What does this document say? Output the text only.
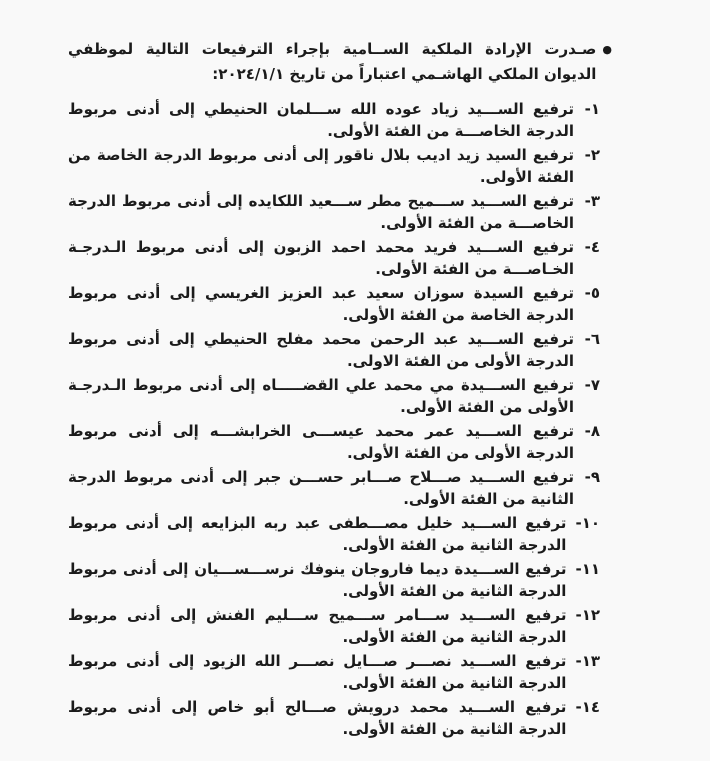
●
صـدرت الإرادة الملكية الســامية بإجراء الترفيعات التالية لموظفي الديوان الملكي الهاشـمي اعتباراً من تاريخ ٢٠٢٤/١/١:
١-
ترفيع الســـيد زياد عوده الله ســـلمان الحنيطي إلى أدنى مربوط الدرجة الخاصـــة من الفئة الأولى.
٢-
ترفيع السيد زيد اديب بلال ناقور إلى أدنى مربوط الدرجة الخاصة من الفئة الأولى.
٣-
ترفيع الســـيد ســـميح مطر ســـعيد اللكايده إلى أدنى مربوط الدرجة الخاصـــة من الفئة الأولى.
٤-
ترفيع الســـيد فريد محمد احمد الزبون إلى أدنى مربوط الـدرجـة الخـاصـــة من الفئة الأولى.
٥-
ترفيع السيدة سوزان سعيد عبد العزيز الغريسي إلى أدنى مربوط الدرجة الخاصة من الفئة الأولى.
٦-
ترفيع الســـيد عبد الرحمن محمد مفلح الحنيطي إلى أدنى مربوط الدرجة الأولى من الفئة الاولى.
٧-
ترفيع الســـيدة مي محمد علي القضـــــاه إلى أدنى مربوط الـدرجـة الأولى من الفئة الأولى.
٨-
ترفيع الســـيد عمر محمد عيســـى الخرابشـــه إلى أدنى مربوط الدرجة الأولى من الفئة الأولى.
٩-
ترفيع الســـيد صـــلاح صـــابر حســـن جبر إلى أدنى مربوط الدرجة الثانية من الفئة الأولى.
١٠-
ترفيع الســـيد خليل مصـــطفى عبد ربه البزايعه إلى أدنى مربوط الدرجة الثانية من الفئة الأولى.
١١-
ترفيع الســـيدة ديما فاروجان ينوفك نرســـســـيان إلى أدنى مربوط الدرجة الثانية من الفئة الأولى.
١٢-
ترفيع الســـيد ســـامر ســـميح ســـليم الفنش إلى أدنى مربوط الدرجة الثانية من الفئة الأولى.
١٣-
ترفيع الســـيد نصـــر صـــايل نصـــر الله الزيود إلى أدنى مربوط الدرجة الثانية من الفئة الأولى.
١٤-
ترفيع الســـيد محمد درويش صـــالح أبو خاص إلى أدنى مربوط الدرجة الثانية من الفئة الأولى.
